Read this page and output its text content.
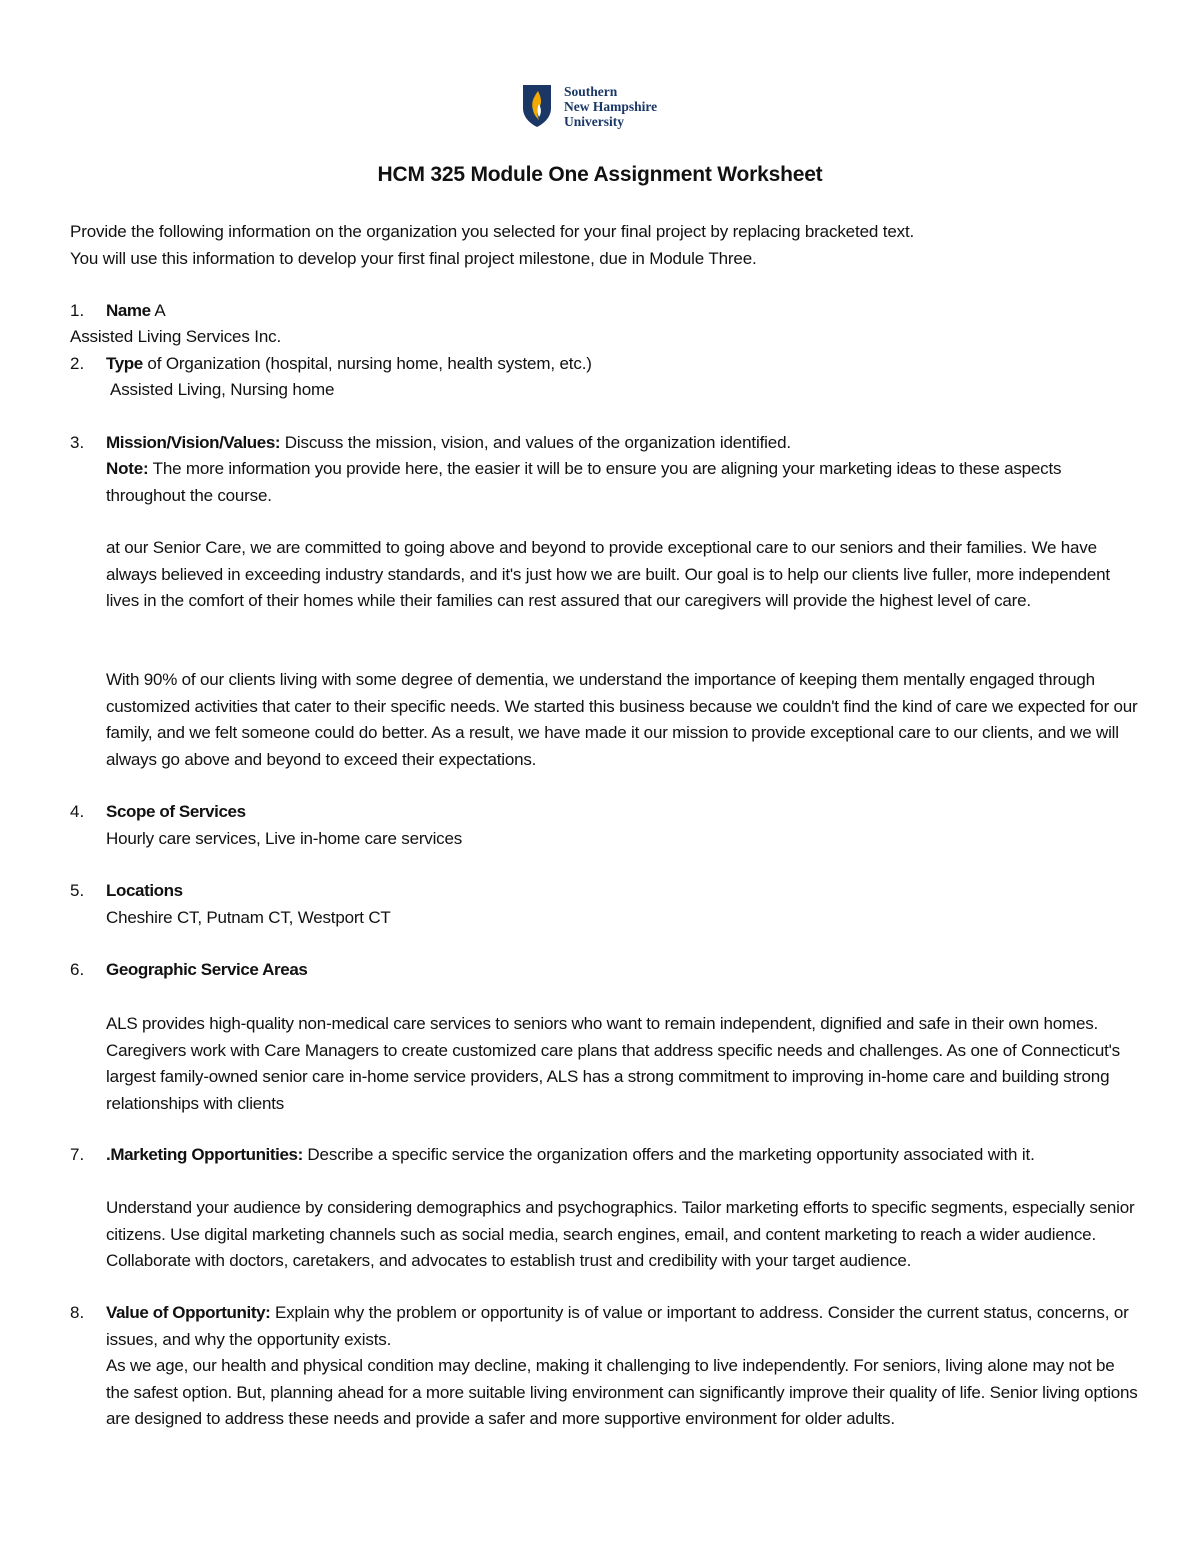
Southern
New Hampshire
University
HCM 325 Module One Assignment Worksheet
Provide the following information on the organization you selected for your final project by replacing bracketed text.
You will use this information to develop your first final project milestone, due in Module Three.
1. Name A
Assisted Living Services Inc.
2. Type of Organization (hospital, nursing home, health system, etc.)
Assisted Living, Nursing home
3. Mission/Vision/Values: Discuss the mission, vision, and values of the organization identified.
Note: The more information you provide here, the easier it will be to ensure you are aligning your marketing ideas to these aspects throughout the course.

at our Senior Care, we are committed to going above and beyond to provide exceptional care to our seniors and their families. We have always believed in exceeding industry standards, and it's just how we are built. Our goal is to help our clients live fuller, more independent lives in the comfort of their homes while their families can rest assured that our caregivers will provide the highest level of care.

With 90% of our clients living with some degree of dementia, we understand the importance of keeping them mentally engaged through customized activities that cater to their specific needs. We started this business because we couldn't find the kind of care we expected for our family, and we felt someone could do better. As a result, we have made it our mission to provide exceptional care to our clients, and we will always go above and beyond to exceed their expectations.

4. Scope of Services
Hourly care services, Live in-home care services
5. Locations
Cheshire CT, Putnam CT, Westport CT
6. Geographic Service Areas

ALS provides high-quality non-medical care services to seniors who want to remain independent, dignified and safe in their own homes. Caregivers work with Care Managers to create customized care plans that address specific needs and challenges. As one of Connecticut's largest family-owned senior care in-home service providers, ALS has a strong commitment to improving in-home care and building strong relationships with clients

7. .Marketing Opportunities: Describe a specific service the organization offers and the marketing opportunity associated with it.

Understand your audience by considering demographics and psychographics. Tailor marketing efforts to specific segments, especially senior citizens. Use digital marketing channels such as social media, search engines, email, and content marketing to reach a wider audience. Collaborate with doctors, caretakers, and advocates to establish trust and credibility with your target audience.

8. Value of Opportunity: Explain why the problem or opportunity is of value or important to address. Consider the current status, concerns, or issues, and why the opportunity exists.

As we age, our health and physical condition may decline, making it challenging to live independently. For seniors, living alone may not be the safest option. But, planning ahead for a more suitable living environment can significantly improve their quality of life. Senior living options are designed to address these needs and provide a safer and more supportive environment for older adults.
